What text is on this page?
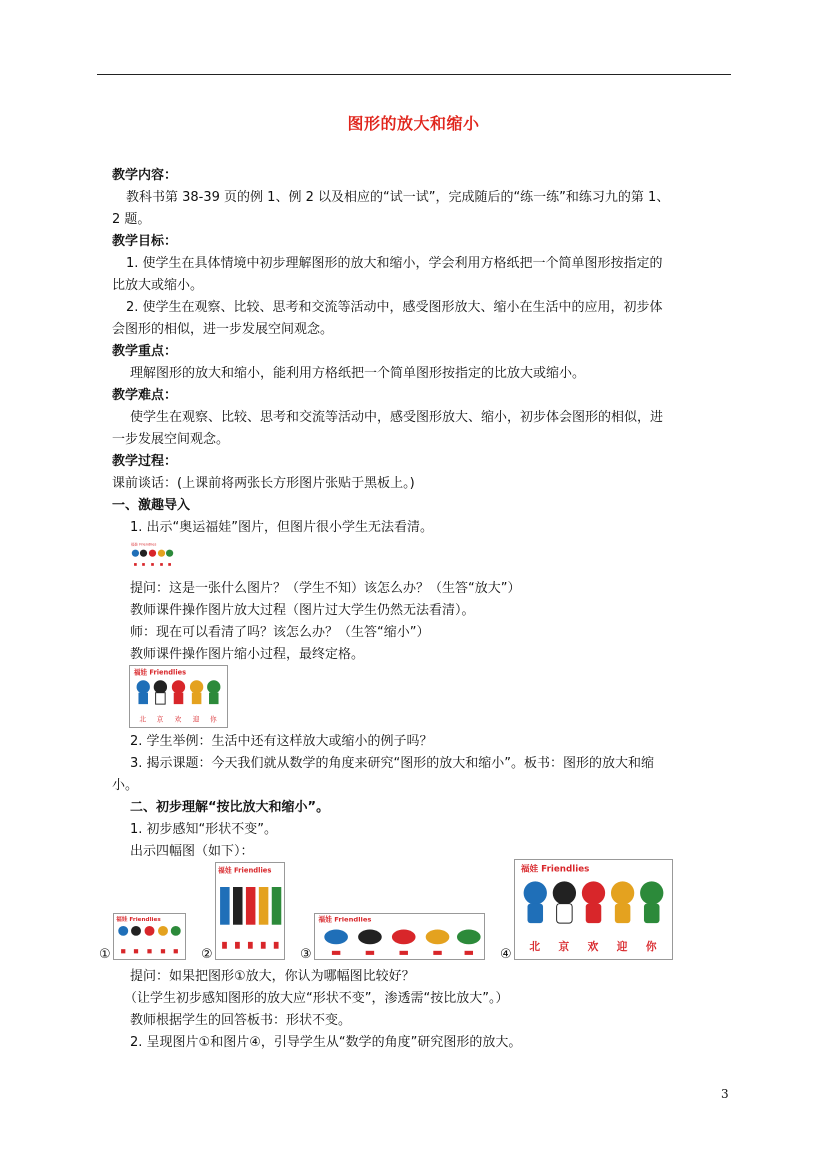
图形的放大和缩小
教学内容：
教科书第 38-39 页的例 1、例 2 以及相应的“试一试”，完成随后的“练一练”和练习九的第 1、
2 题。
教学目标：
1. 使学生在具体情境中初步理解图形的放大和缩小，学会利用方格纸把一个简单图形按指定的
比放大或缩小。
2. 使学生在观察、比较、思考和交流等活动中，感受图形放大、缩小在生活中的应用，初步体
会图形的相似，进一步发展空间观念。
教学重点：
理解图形的放大和缩小，能利用方格纸把一个简单图形按指定的比放大或缩小。
教学难点：
使学生在观察、比较、思考和交流等活动中，感受图形放大、缩小，初步体会图形的相似，进
一步发展空间观念。
教学过程：
课前谈话：(上课前将两张长方形图片张贴于黑板上。)
一、激趣导入
1. 出示“奥运福娃”图片，但图片很小学生无法看清。
福娃 Friendlies
提问：这是一张什么图片？（学生不知）该怎么办？（生答“放大”）
教师课件操作图片放大过程（图片过大学生仍然无法看清）。
师：现在可以看清了吗？该怎么办？（生答“缩小”）
教师课件操作图片缩小过程，最终定格。
福娃 Friendlies
北 京 欢 迎 你
2. 学生举例：生活中还有这样放大或缩小的例子吗？
3. 揭示课题：今天我们就从数学的角度来研究“图形的放大和缩小”。板书：图形的放大和缩
小。
二、初步理解“按比放大和缩小”。
1. 初步感知“形状不变”。
出示四幅图（如下）：
①
福娃 Friendlies
②
福娃 Friendlies
③
福娃 Friendlies
④
福娃 Friendlies
北 京 欢 迎 你
提问：如果把图形①放大，你认为哪幅图比较好？
（让学生初步感知图形的放大应“形状不变”，渗透需“按比放大”。）
教师根据学生的回答板书：形状不变。
2. 呈现图片①和图片④，引导学生从“数学的角度”研究图形的放大。
3
